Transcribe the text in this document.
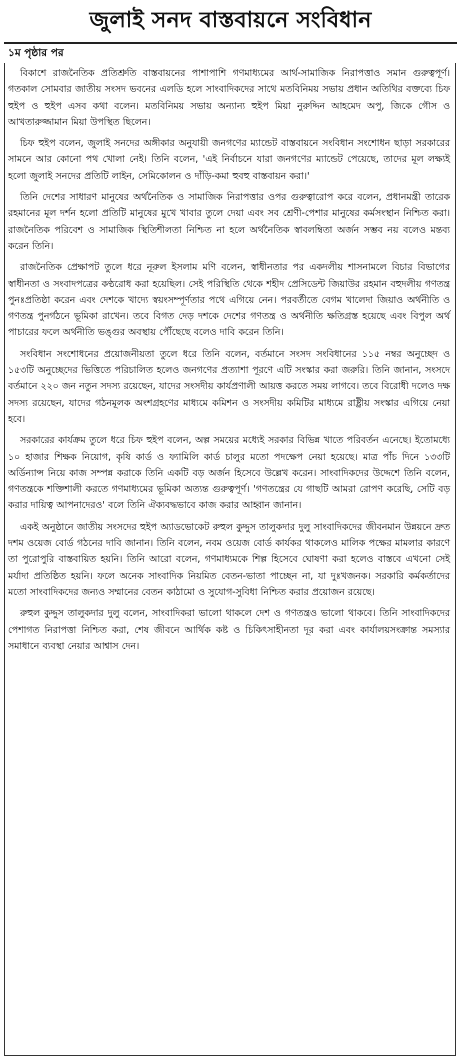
জুলাই সনদ বাস্তবায়নে সংবিধান
১ম পৃষ্ঠার পর

বিকাশে রাজনৈতিক প্রতিশ্রুতি বাস্তবায়নের পাশাপাশি গণমাধ্যমের আর্থ-সামাজিক নিরাপত্তাও সমান গুরুত্বপূর্ণ। গতকাল সোমবার জাতীয় সংসদ ভবনের এলডি হলে সাংবাদিকদের সাথে মতবিনিময় সভায় প্রধান অতিথির বক্তব্যে চিফ হুইপ ও হুইপ এসব কথা বলেন। মতবিনিময় সভায় অন্যান্য হুইপ মিয়া নুরুদ্দিন আহমেদ অপু, জিকে গৌস ও আখতারুজ্জামান মিয়া উপস্থিত ছিলেন।

চিফ হুইপ বলেন, জুলাই সনদের অঙ্গীকার অনুযায়ী জনগণের ম্যান্ডেট বাস্তবায়নে সংবিধান সংশোধন ছাড়া সরকারের সামনে আর কোনো পথ খোলা নেই। তিনি বলেন, 'এই নির্বাচনে যারা জনগণের ম্যান্ডেট পেয়েছে, তাদের মূল লক্ষ্যই হলো জুলাই সনদের প্রতিটি লাইন, সেমিকোলন ও দাঁড়ি-কমা হুবহু বাস্তবায়ন করা।'

তিনি দেশের সাধারণ মানুষের অর্থনৈতিক ও সামাজিক নিরাপত্তার ওপর গুরুত্বারোপ করে বলেন, প্রধানমন্ত্রী তারেক রহমানের মূল দর্শন হলো প্রতিটি মানুষের মুখে খাবার তুলে দেয়া এবং সব শ্রেণী-পেশার মানুষের কর্মসংস্থান নিশ্চিত করা। রাজনৈতিক পরিবেশ ও সামাজিক স্থিতিশীলতা নিশ্চিত না হলে অর্থনৈতিক স্বাবলম্বিতা অর্জন সম্ভব নয় বলেও মন্তব্য করেন তিনি।

রাজনৈতিক প্রেক্ষাপট তুলে ধরে নূরুল ইসলাম মণি বলেন, স্বাধীনতার পর একদলীয় শাসনামলে বিচার বিভাগের স্বাধীনতা ও সংবাদপত্রের কণ্ঠরোধ করা হয়েছিল। সেই পরিস্থিতি থেকে শহীদ প্রেসিডেন্ট জিয়াউর রহমান বহুদলীয় গণতন্ত্র পুনঃপ্রতিষ্ঠা করেন এবং দেশকে খাদ্যে স্বয়ংসম্পূর্ণতার পথে এগিয়ে নেন। পরবর্তীতে বেগম খালেদা জিয়াও অর্থনীতি ও গণতন্ত্র পুনর্গঠনে ভূমিকা রাখেন। তবে বিগত দেড় দশকে দেশের গণতন্ত্র ও অর্থনীতি ক্ষতিগ্রস্ত হয়েছে এবং বিপুল অর্থ পাচারের ফলে অর্থনীতি ভঙ্গুর অবস্থায় পৌঁছেছে বলেও দাবি করেন তিনি।

সংবিধান সংশোধনের প্রয়োজনীয়তা তুলে ধরে তিনি বলেন, বর্তমানে সংসদ সংবিধানের ১১৫ নম্বর অনুচ্ছেদ ও ১৫৩টি অনুচ্ছেদের ভিত্তিতে পরিচালিত হলেও জনগণের প্রত্যাশা পূরণে এটি সংস্কার করা জরুরি। তিনি জানান, সংসদে বর্তমানে ২২০ জন নতুন সদস্য রয়েছেন, যাদের সংসদীয় কার্যপ্রণালী আয়ত্ত করতে সময় লাগবে। তবে বিরোধী দলেও দক্ষ সদস্য রয়েছেন, যাদের গঠনমূলক অংশগ্রহণের মাধ্যমে কমিশন ও সংসদীয় কমিটির মাধ্যমে রাষ্ট্রীয় সংস্কার এগিয়ে নেয়া হবে।

সরকারের কার্যক্রম তুলে ধরে চিফ হুইপ বলেন, অল্প সময়ের মধ্যেই সরকার বিভিন্ন খাতে পরিবর্তন এনেছে। ইতোমধ্যে ১০ হাজার শিক্ষক নিয়োগ, কৃষি কার্ড ও ফ্যামিলি কার্ড চালুর মতো পদক্ষেপ নেয়া হয়েছে। মাত্র পাঁচ দিনে ১৩৩টি অর্ডিন্যান্স নিয়ে কাজ সম্পন্ন করাকে তিনি একটি বড় অর্জন হিসেবে উল্লেখ করেন। সাংবাদিকদের উদ্দেশে তিনি বলেন, গণতন্ত্রকে শক্তিশালী করতে গণমাধ্যমের ভূমিকা অত্যন্ত গুরুত্বপূর্ণ। 'গণতন্ত্রের যে গাছটি আমরা রোপণ করেছি, সেটি বড় করার দায়িত্ব আপনাদেরও' বলে তিনি ঐক্যবদ্ধভাবে কাজ করার আহ্বান জানান।

একই অনুষ্ঠানে জাতীয় সংসদের হুইপ অ্যাডভোকেট রুহুল কুদ্দুস তালুকদার দুলু সাংবাদিকদের জীবনমান উন্নয়নে দ্রুত দশম ওয়েজ বোর্ড গঠনের দাবি জানান। তিনি বলেন, নবম ওয়েজ বোর্ড কার্যকর থাকলেও মালিক পক্ষের মামলার কারণে তা পুরোপুরি বাস্তবায়িত হয়নি। তিনি আরো বলেন, গণমাধ্যমকে শিল্প হিসেবে ঘোষণা করা হলেও বাস্তবে এখনো সেই মর্যাদা প্রতিষ্ঠিত হয়নি। ফলে অনেক সাংবাদিক নিয়মিত বেতন-ভাতা পাচ্ছেন না, যা দুঃখজনক। সরকারি কর্মকর্তাদের মতো সাংবাদিকদের জন্যও সম্মানের বেতন কাঠামো ও সুযোগ-সুবিধা নিশ্চিত করার প্রয়োজন রয়েছে।

রুহুল কুদ্দুস তালুকদার দুলু বলেন, সাংবাদিকরা ভালো থাকলে দেশ ও গণতন্ত্রও ভালো থাকবে। তিনি সাংবাদিকদের পেশাগত নিরাপত্তা নিশ্চিত করা, শেষ জীবনে আর্থিক কষ্ট ও চিকিৎসাহীনতা দূর করা এবং কার্যালয়সংক্রান্ত সমস্যার সমাধানে ব্যবস্থা নেয়ার আশ্বাস দেন।
